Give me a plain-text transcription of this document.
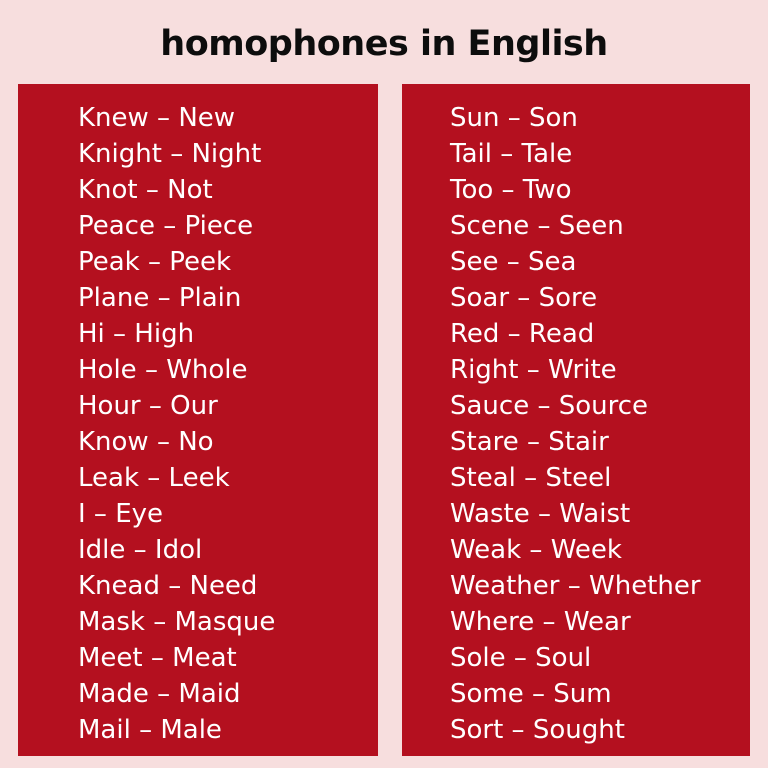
homophones in English
Knew – New
Knight – Night
Knot – Not
Peace – Piece
Peak – Peek
Plane – Plain
Hi – High
Hole – Whole
Hour – Our
Know – No
Leak – Leek
I – Eye
Idle – Idol
Knead – Need
Mask – Masque
Meet – Meat
Made – Maid
Mail – Male
Sun – Son
Tail – Tale
Too – Two
Scene – Seen
See – Sea
Soar – Sore
Red – Read
Right – Write
Sauce – Source
Stare – Stair
Steal – Steel
Waste – Waist
Weak – Week
Weather – Whether
Where – Wear
Sole – Soul
Some – Sum
Sort – Sought
